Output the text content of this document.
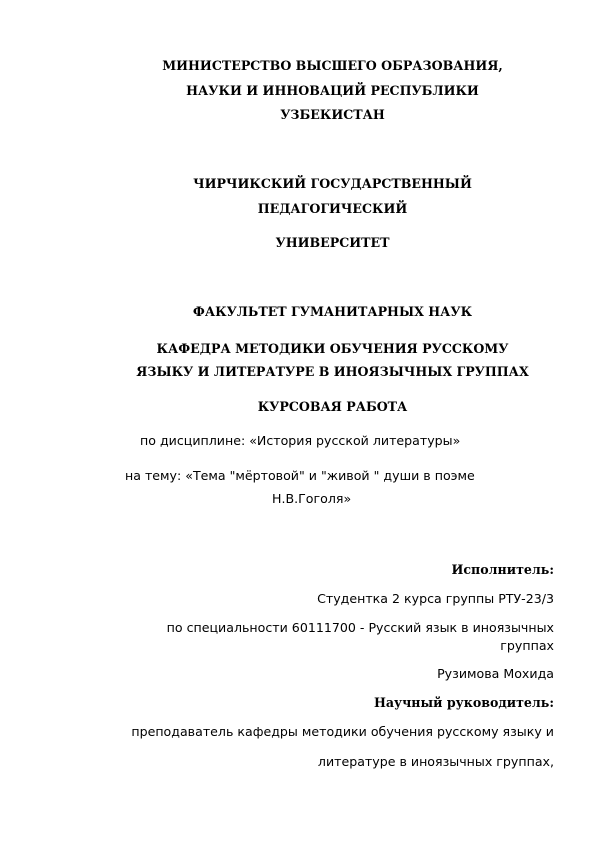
МИНИСТЕРСТВО ВЫСШЕГО ОБРАЗОВАНИЯ,
НАУКИ И ИННОВАЦИЙ РЕСПУБЛИКИ
УЗБЕКИСТАН
ЧИРЧИКСКИЙ ГОСУДАРСТВЕННЫЙ
ПЕДАГОГИЧЕСКИЙ
УНИВЕРСИТЕТ
ФАКУЛЬТЕТ ГУМАНИТАРНЫХ НАУК
КАФЕДРА МЕТОДИКИ ОБУЧЕНИЯ РУССКОМУ
ЯЗЫКУ И ЛИТЕРАТУРЕ В ИНОЯЗЫЧНЫХ ГРУППАХ
КУРСОВАЯ РАБОТА
по дисциплине: «История русской литературы»
на тему: «Тема "мёртовой" и "живой " души в поэме
Н.В.Гоголя»
Исполнитель:
Студентка 2 курса группы РТУ-23/3
по специальности 60111700 - Русский язык в иноязычных
группах
Рузимова Мохида
Научный руководитель:
преподаватель кафедры методики обучения русскому языку и
литературе в иноязычных группах,
